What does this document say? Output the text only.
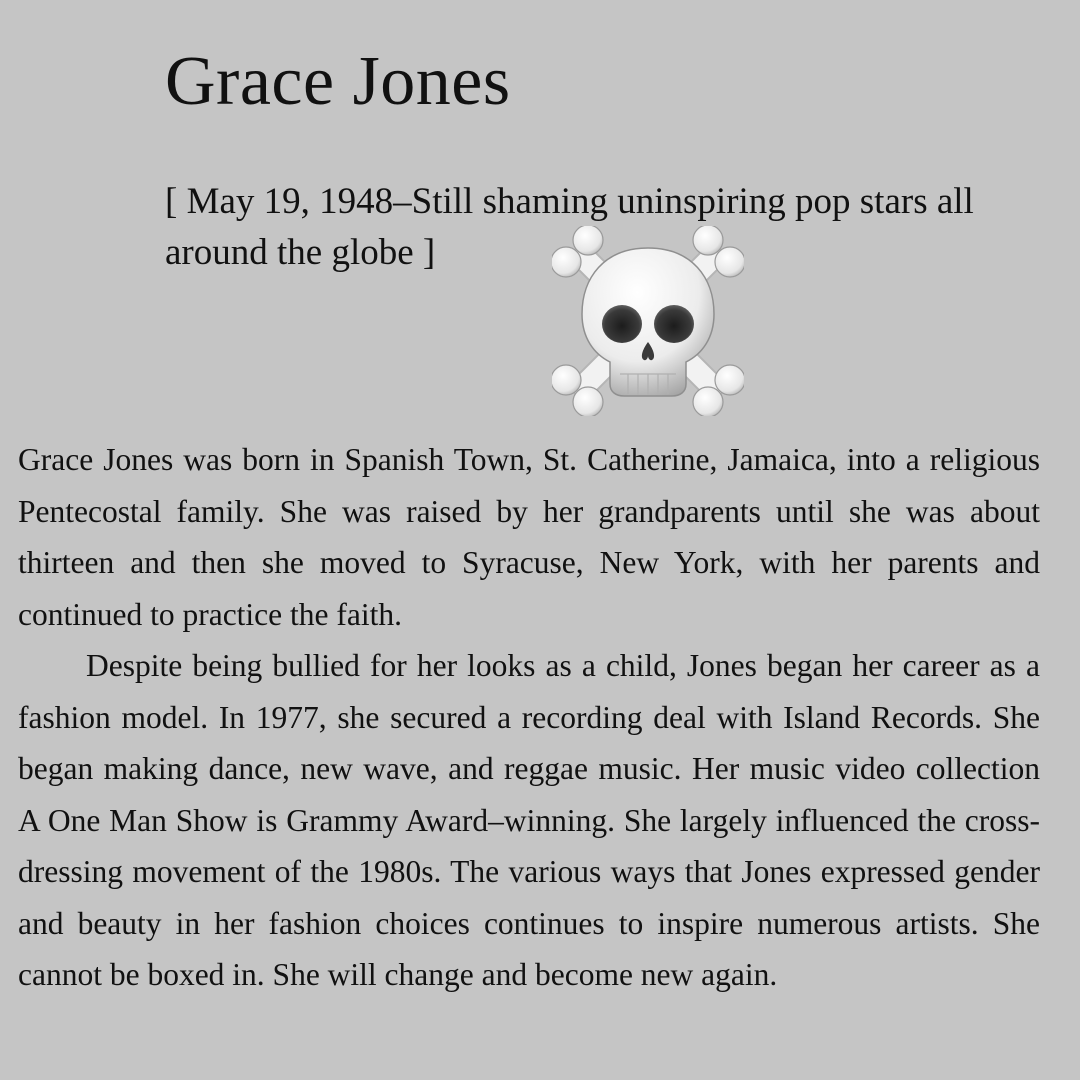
Grace Jones

[ May 19, 1948–Still shaming uninspiring pop stars all around the globe ]

Grace Jones was born in Spanish Town, St. Catherine, Jamaica, into a religious Pentecostal family. She was raised by her grandparents until she was about thirteen and then she moved to Syracuse, New York, with her parents and continued to practice the faith.

Despite being bullied for her looks as a child, Jones began her career as a fashion model. In 1977, she secured a recording deal with Island Records. She began making dance, new wave, and reggae music. Her music video collection A One Man Show is Grammy Award–winning. She largely influenced the cross-dressing movement of the 1980s. The various ways that Jones expressed gender and beauty in her fashion choices continues to inspire numerous artists. She cannot be boxed in. She will change and become new again.
